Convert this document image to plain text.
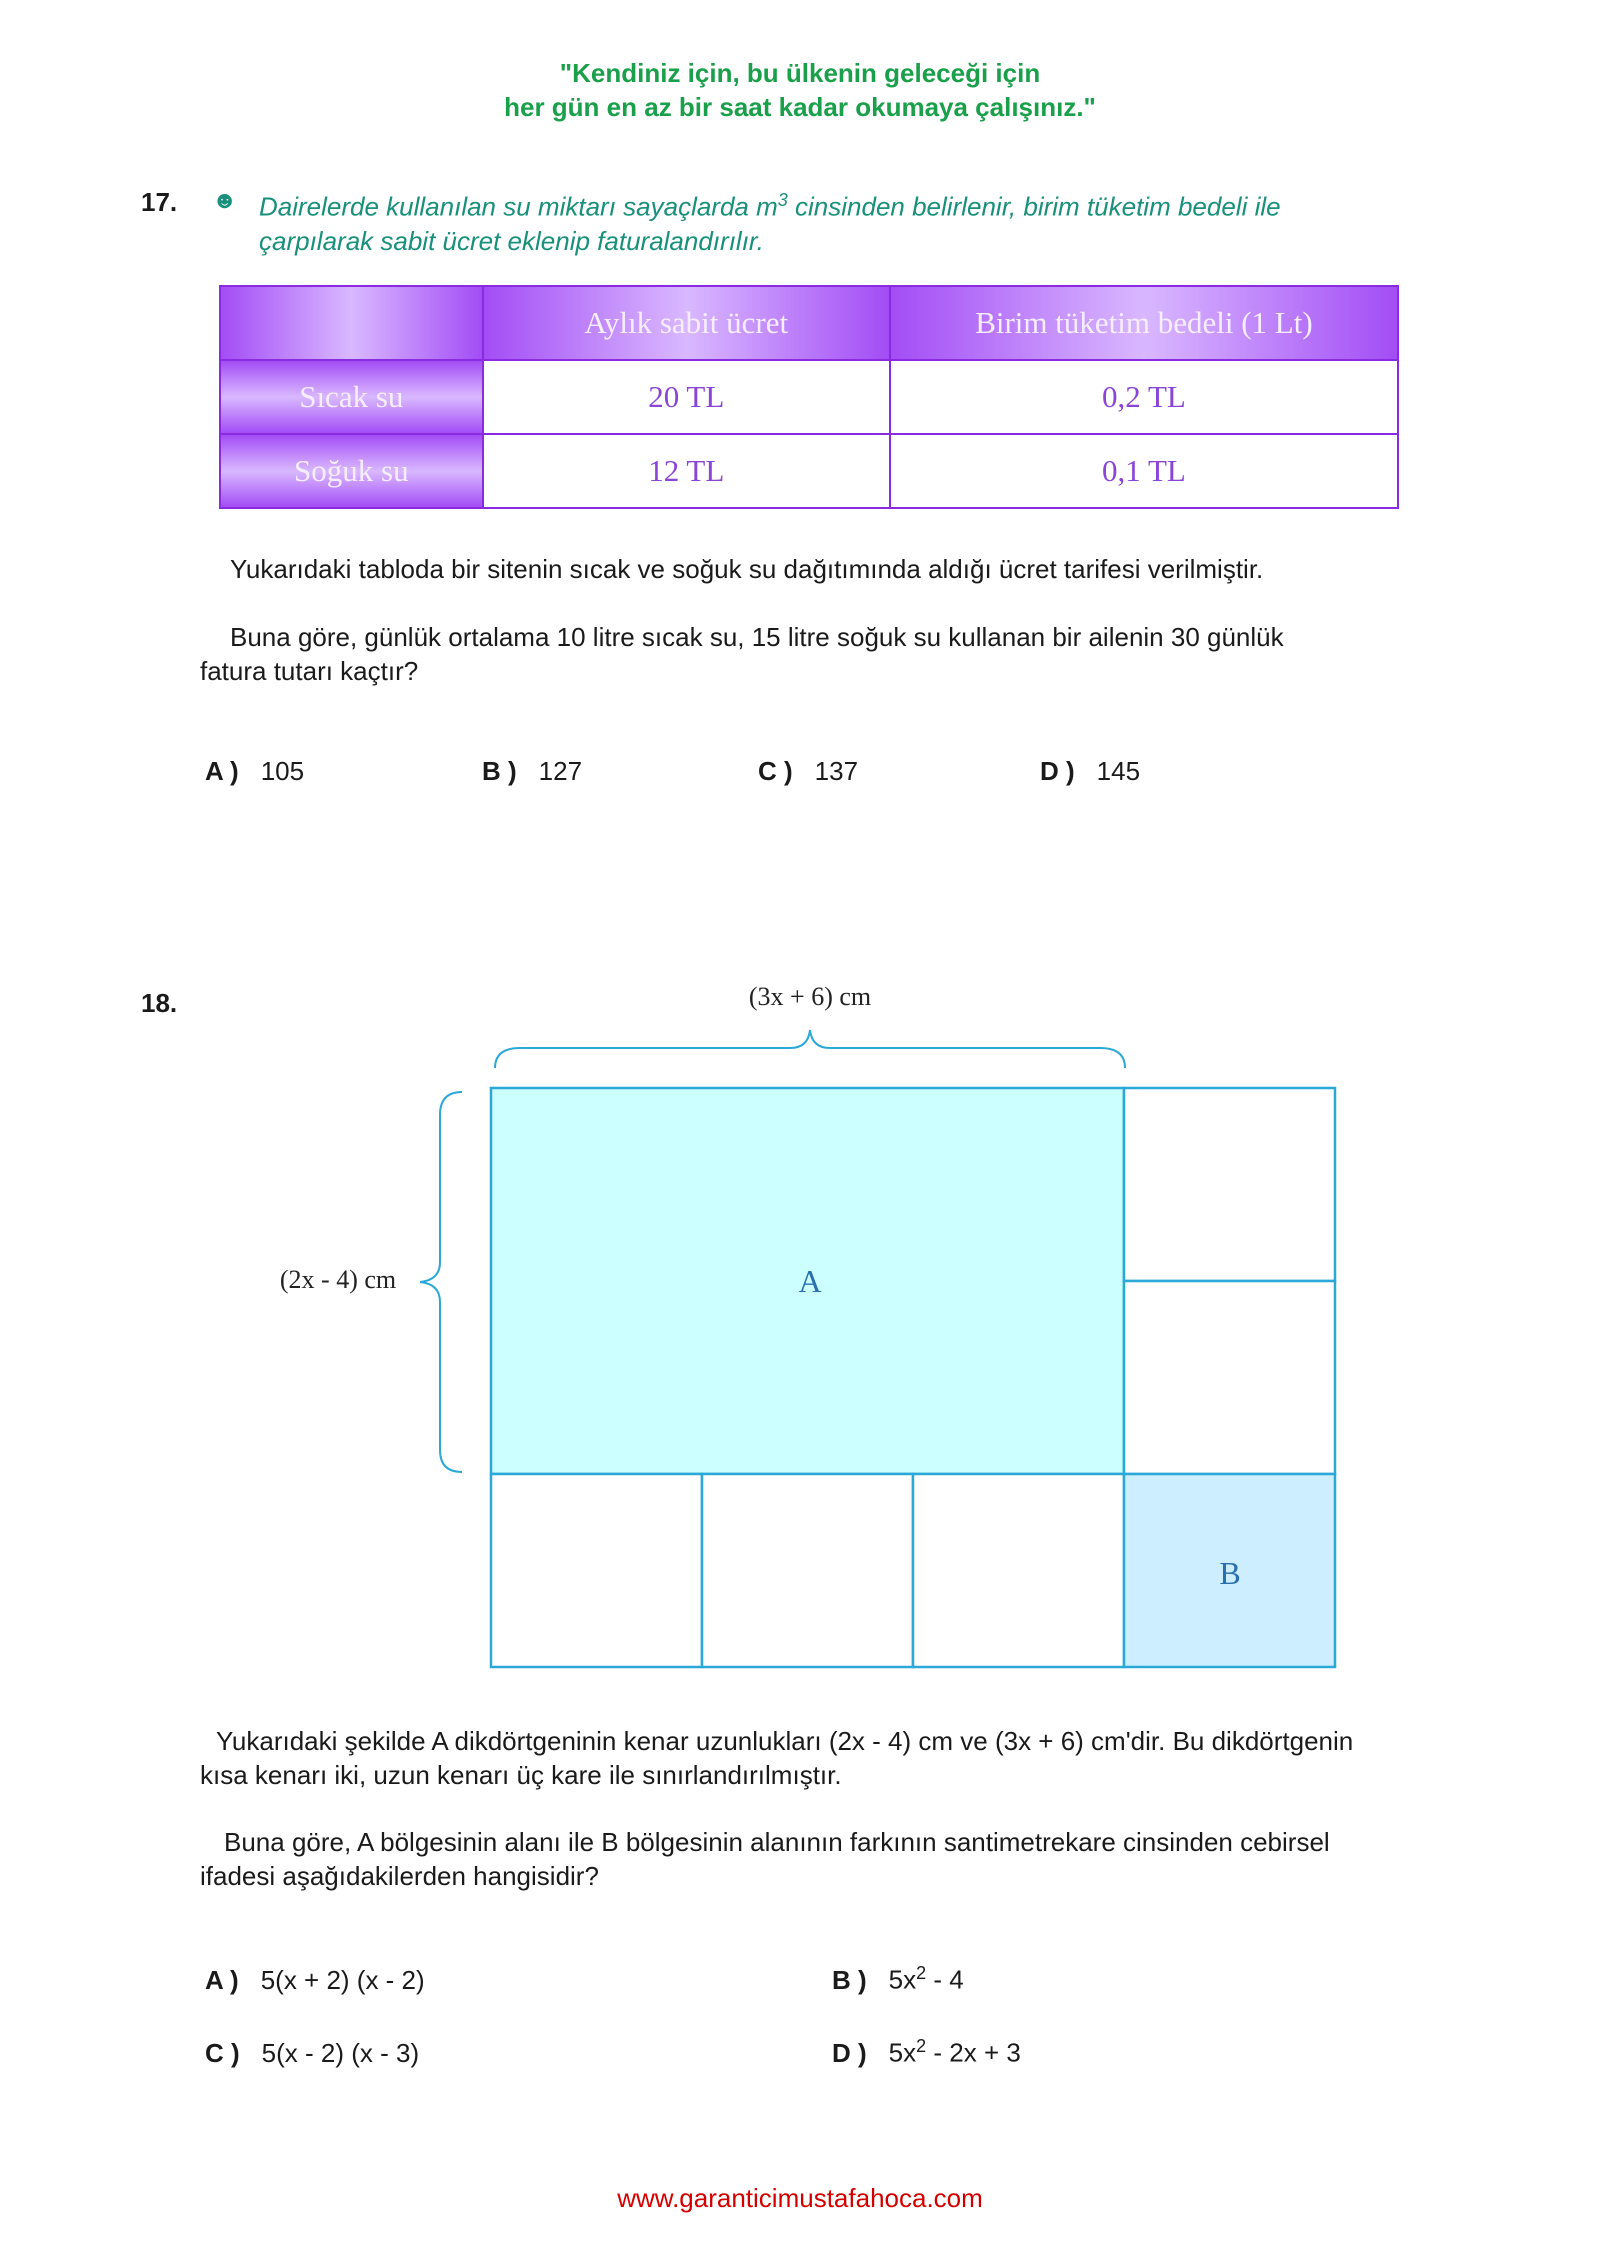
"Kendiniz için, bu ülkenin geleceği için
her gün en az bir saat kadar okumaya çalışınız."
17. ☻ Dairelerde kullanılan su miktarı sayaçlarda $m^3$ cinsinden belirlenir, birim tüketim bedeli ile
çarpılarak sabit ücret eklenip faturalandırılır.
	Aylık sabit ücret	Birim tüketim bedeli (1 Lt)
Sıcak su	20 TL	0,2 TL
Soğuk su	12 TL	0,1 TL
Yukarıdaki tabloda bir sitenin sıcak ve soğuk su dağıtımında aldığı ücret tarifesi verilmiştir.
Buna göre, günlük ortalama 10 litre sıcak su, 15 litre soğuk su kullanan bir ailenin 30 günlük
fatura tutarı kaçtır?
A ) 105	B ) 127	C ) 137	D ) 145
18.	(3x + 6) cm
(2x - 4) cm	A
B
Yukarıdaki şekilde A dikdörtgeninin kenar uzunlukları (2x - 4) cm ve (3x + 6) cm'dir. Bu dikdörtgenin
kısa kenarı iki, uzun kenarı üç kare ile sınırlandırılmıştır.
Buna göre, A bölgesinin alanı ile B bölgesinin alanının farkının santimetrekare cinsinden cebirsel
ifadesi aşağıdakilerden hangisidir?
A ) 5(x + 2) (x - 2)	B ) $5x^2 - 4$
C ) 5(x - 2) (x - 3)	D ) $5x^2 - 2x + 3$
www.garanticimustafahoca.com
